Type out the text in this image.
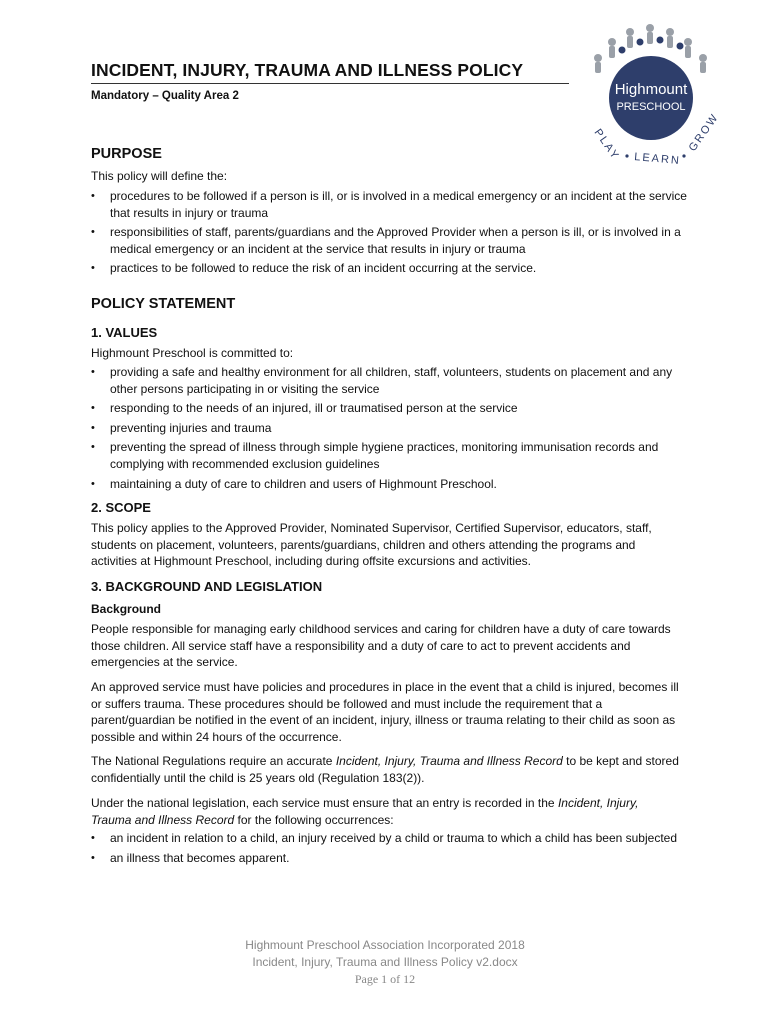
INCIDENT, INJURY, TRAUMA AND ILLNESS POLICY
Mandatory – Quality Area 2	Highmount
PRESCHOOL
PLAY LEARN
GROW
PURPOSE
This policy will define the:
• procedures to be followed if a person is ill, or is involved in a medical emergency or an incident at the service that results in injury or trauma
• responsibilities of staff, parents/guardians and the Approved Provider when a person is ill, or is involved in a medical emergency or an incident at the service that results in injury or trauma
• practices to be followed to reduce the risk of an incident occurring at the service.
POLICY STATEMENT
1. VALUES
Highmount Preschool is committed to:
• providing a safe and healthy environment for all children, staff, volunteers, students on placement and any other persons participating in or visiting the service
• responding to the needs of an injured, ill or traumatised person at the service
• preventing injuries and trauma
• preventing the spread of illness through simple hygiene practices, monitoring immunisation records and complying with recommended exclusion guidelines
• maintaining a duty of care to children and users of Highmount Preschool.
2. SCOPE
This policy applies to the Approved Provider, Nominated Supervisor, Certified Supervisor, educators, staff, students on placement, volunteers, parents/guardians, children and others attending the programs and activities at Highmount Preschool, including during offsite excursions and activities.
3. BACKGROUND AND LEGISLATION
Background
People responsible for managing early childhood services and caring for children have a duty of care towards those children. All service staff have a responsibility and a duty of care to act to prevent accidents and emergencies at the service.
An approved service must have policies and procedures in place in the event that a child is injured, becomes ill or suffers trauma. These procedures should be followed and must include the requirement that a parent/guardian be notified in the event of an incident, injury, illness or trauma relating to their child as soon as possible and within 24 hours of the occurrence.
The National Regulations require an accurate Incident, Injury, Trauma and Illness Record to be kept and stored confidentially until the child is 25 years old (Regulation 183(2)).
Under the national legislation, each service must ensure that an entry is recorded in the Incident, Injury, Trauma and Illness Record for the following occurrences:
• an incident in relation to a child, an injury received by a child or trauma to which a child has been subjected
• an illness that becomes apparent.
Highmount Preschool Association Incorporated 2018
Incident, Injury, Trauma and Illness Policy v2.docx
Page 1 of 12
